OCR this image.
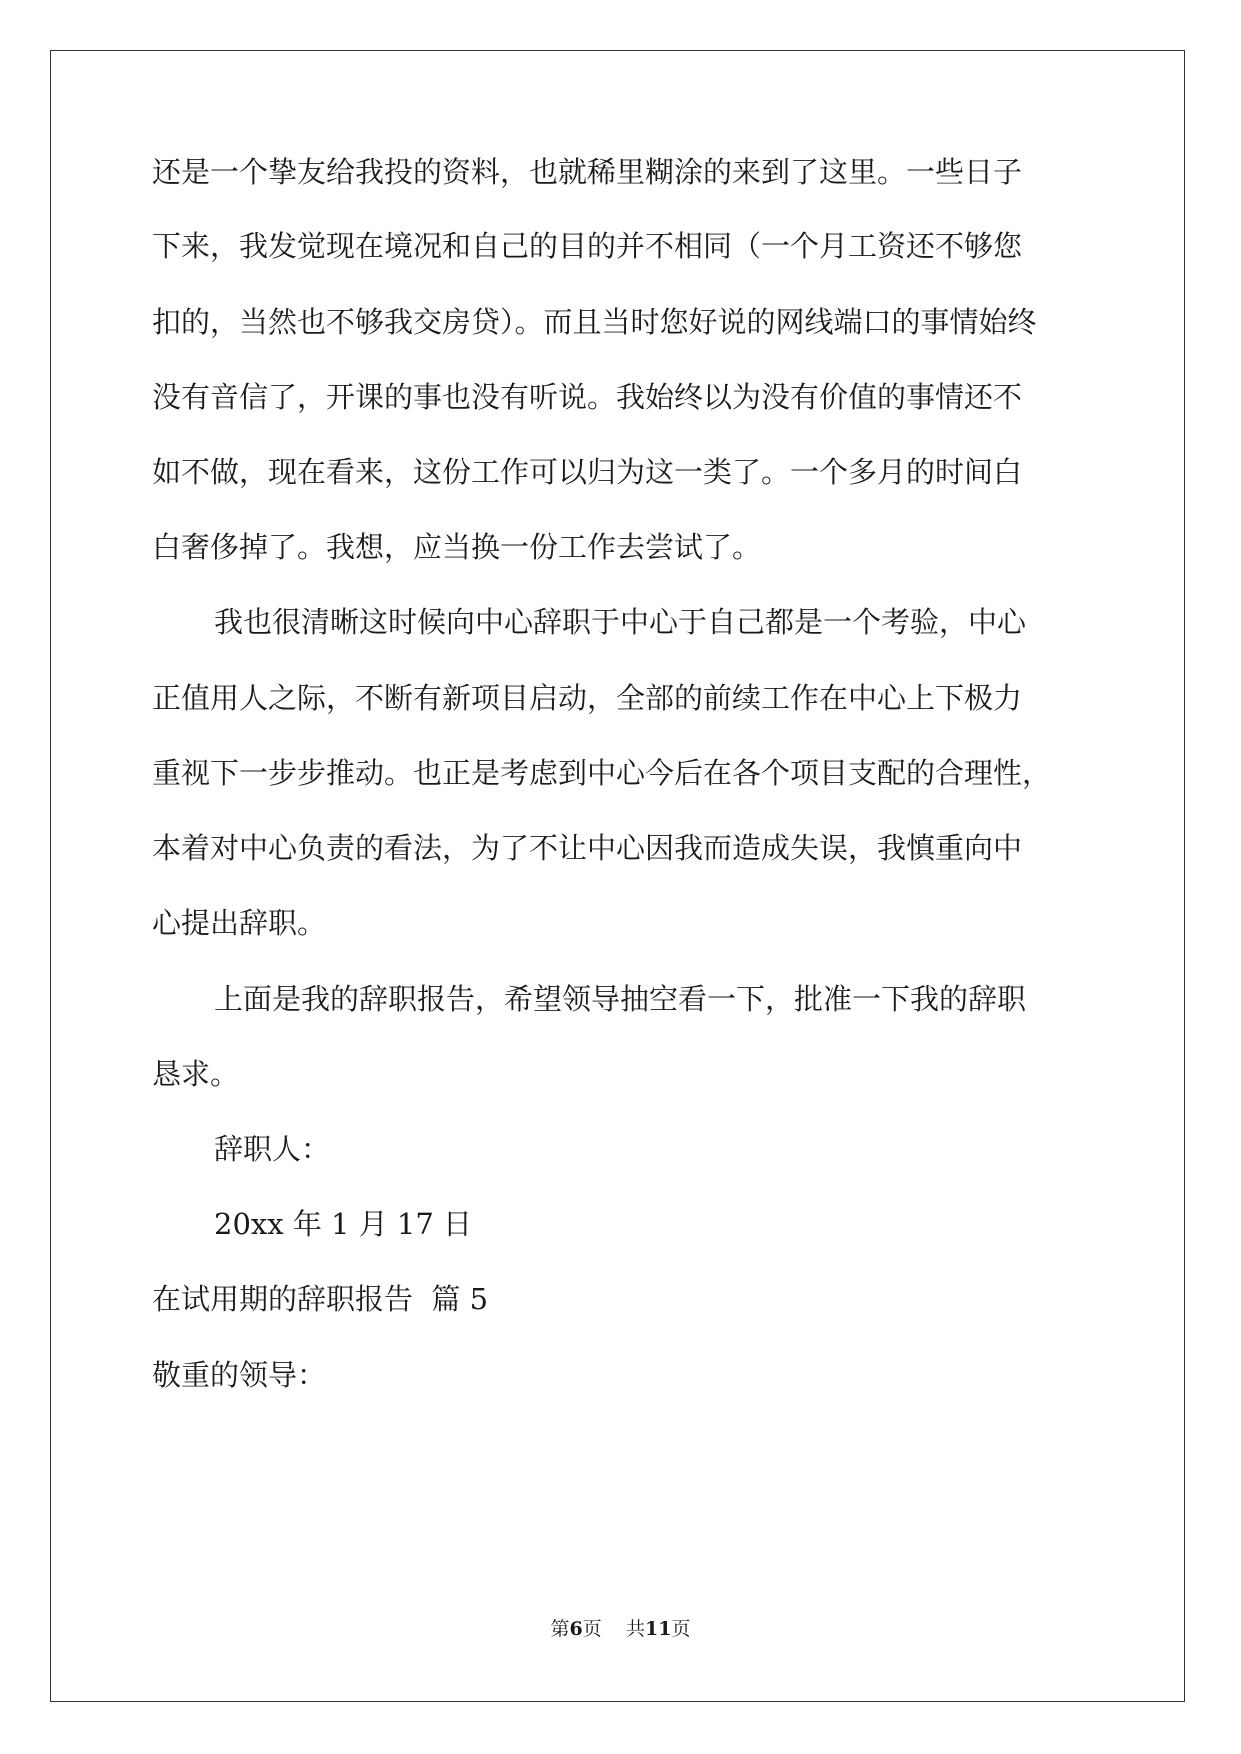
还是一个挚友给我投的资料，也就稀里糊涂的来到了这里。一些日子
下来，我发觉现在境况和自己的目的并不相同（一个月工资还不够您
扣的，当然也不够我交房贷）。而且当时您好说的网线端口的事情始终
没有音信了，开课的事也没有听说。我始终以为没有价值的事情还不
如不做，现在看来，这份工作可以归为这一类了。一个多月的时间白
白奢侈掉了。我想，应当换一份工作去尝试了。
我也很清晰这时候向中心辞职于中心于自己都是一个考验，中心
正值用人之际，不断有新项目启动，全部的前续工作在中心上下极力
重视下一步步推动。也正是考虑到中心今后在各个项目支配的合理性，
本着对中心负责的看法，为了不让中心因我而造成失误，我慎重向中
心提出辞职。
上面是我的辞职报告，希望领导抽空看一下，批准一下我的辞职
恳求。
辞职人：
20xx 年 1 月 17 日
在试用期的辞职报告  篇 5
敬重的领导：
第6页 共11页
